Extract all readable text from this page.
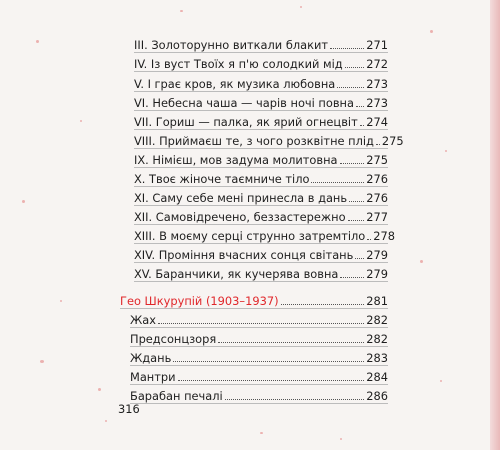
III. Золоторунно виткали блакит	271
IV. Із вуст Твоїх я п'ю солодкий мід 272
V. І грає кров, як музика любовна	273
VI. Небесна чаша — чарів ночі повна 273
VII. Гориш — палка, як ярий огнецвіт 274
VIII. Приймаєш те, з чого розквітне плід 275
IX. Німієш, мов задума молитовна	275
X. Твоє жіноче таємниче тіло	276
XI. Саму себе мені принесла в дань 276
XII. Самовідречено, беззастережно 277
XIII. В моєму серці струнно затремтіло 278
XIV. Проміння вчасних сонця світань 279
XV. Баранчики, як кучерява вовна 279
Гео Шкурупій (1903–1937)	281
Жах	282
Предсонцзоря	282
Ждань	283
Мантри	284
Барабан печалі	286
316
